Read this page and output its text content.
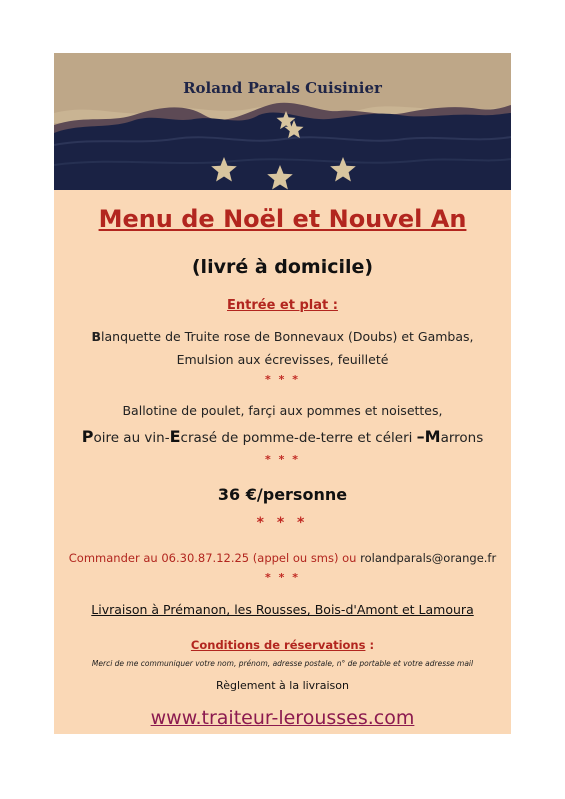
Roland Parals Cuisinier
Menu de Noël et Nouvel An
(livré à domicile)
Entrée et plat :
Blanquette de Truite rose de Bonnevaux (Doubs) et Gambas,
Emulsion aux écrevisses, feuilleté
* * *
Ballotine de poulet, farçi aux pommes et noisettes,
Poire au vin-Ecrasé de pomme-de-terre et céleri –Marrons
* * *
36 €/personne
* * *
Commander au 06.30.87.12.25 (appel ou sms) ou rolandparals@orange.fr
* * *
Livraison à Prémanon, les Rousses, Bois-d'Amont et Lamoura
Conditions de réservations :
Merci de me communiquer votre nom, prénom, adresse postale, n° de portable et votre adresse mail
Règlement à la livraison
www.traiteur-lerousses.com
